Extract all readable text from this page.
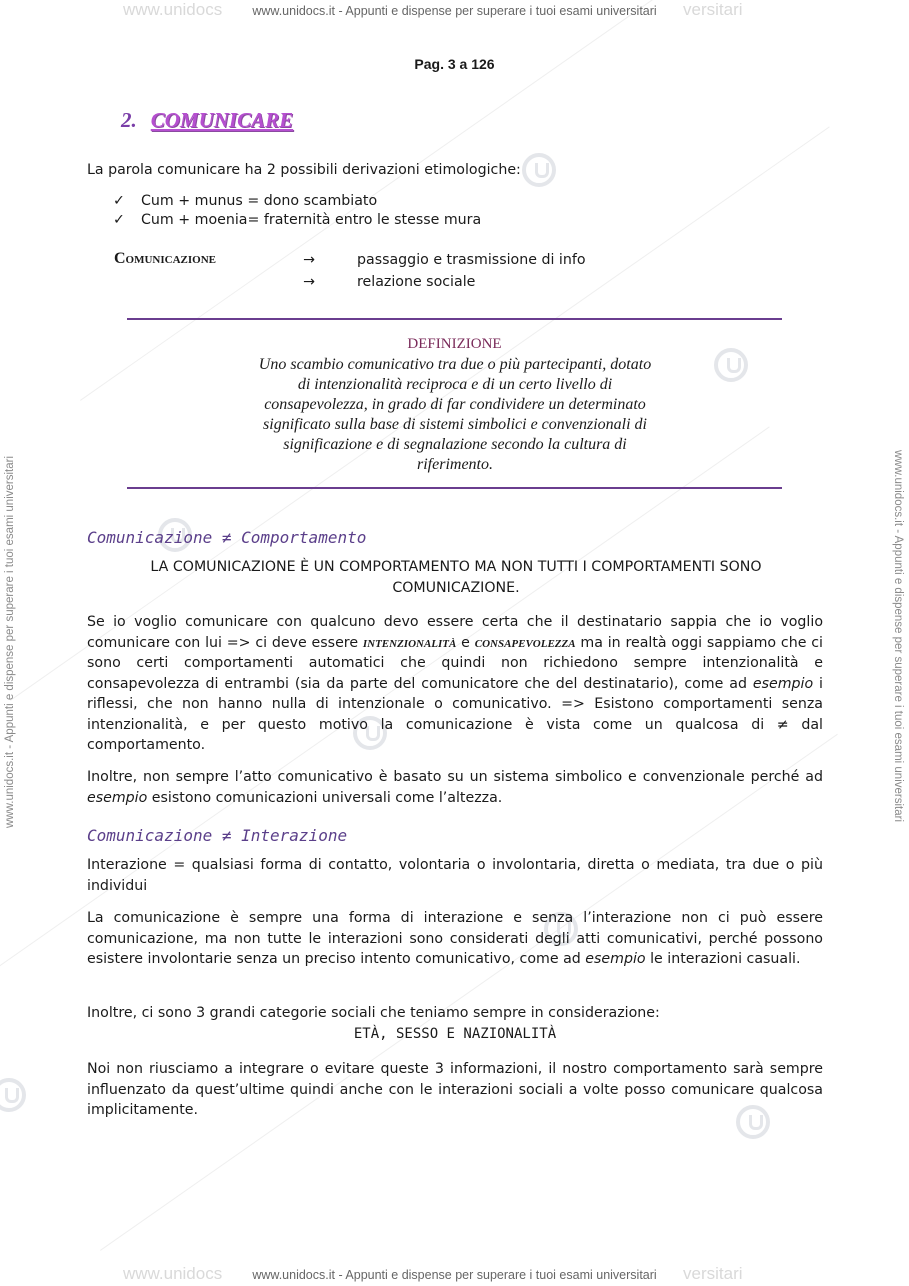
www.unidocs www.unidocs.it - Appunti e dispense per superare i tuoi esami universitari versitari
www.unidocs www.unidocs.it - Appunti e dispense per superare i tuoi esami universitari versitari
www.unidocs.it - Appunti e dispense per superare i tuoi esami universitari	www.unidocs.it - Appunti e dispense per superare i tuoi esami universitari
Pag. 3 a 126
2. COMUNICARE
La parola comunicare ha 2 possibili derivazioni etimologiche:
✓ Cum + munus = dono scambiato
✓ Cum + moenia= fraternità entro le stesse mura
Comunicazione	→	passaggio e trasmissione di info
→	relazione sociale
DEFINIZIONE
Uno scambio comunicativo tra due o più partecipanti, dotato
di intenzionalità reciproca e di un certo livello di
consapevolezza, in grado di far condividere un determinato
significato sulla base di sistemi simbolici e convenzionali di
significazione e di segnalazione secondo la cultura di
riferimento.
Comunicazione ≠ Comportamento
LA COMUNICAZIONE È UN COMPORTAMENTO MA NON TUTTI I COMPORTAMENTI SONO COMUNICAZIONE.
Se io voglio comunicare con qualcuno devo essere certa che il destinatario sappia che io voglio comunicare con lui => ci deve essere intenzionalità e consapevolezza ma in realtà oggi sappiamo che ci sono certi comportamenti automatici che quindi non richiedono sempre intenzionalità e consapevolezza di entrambi (sia da parte del comunicatore che del destinatario), come ad esempio i riflessi, che non hanno nulla di intenzionale o comunicativo. => Esistono comportamenti senza intenzionalità, e per questo motivo la comunicazione è vista come un qualcosa di ≠ dal comportamento.
Inoltre, non sempre l’atto comunicativo è basato su un sistema simbolico e convenzionale perché ad esempio esistono comunicazioni universali come l’altezza.
Comunicazione ≠ Interazione
Interazione = qualsiasi forma di contatto, volontaria o involontaria, diretta o mediata, tra due o più individui
La comunicazione è sempre una forma di interazione e senza l’interazione non ci può essere comunicazione, ma non tutte le interazioni sono considerati degli atti comunicativi, perché possono esistere involontarie senza un preciso intento comunicativo, come ad esempio le interazioni casuali.
Inoltre, ci sono 3 grandi categorie sociali che teniamo sempre in considerazione:
ETÀ, SESSO E NAZIONALITÀ
Noi non riusciamo a integrare o evitare queste 3 informazioni, il nostro comportamento sarà sempre influenzato da quest’ultime quindi anche con le interazioni sociali a volte posso comunicare qualcosa implicitamente.
